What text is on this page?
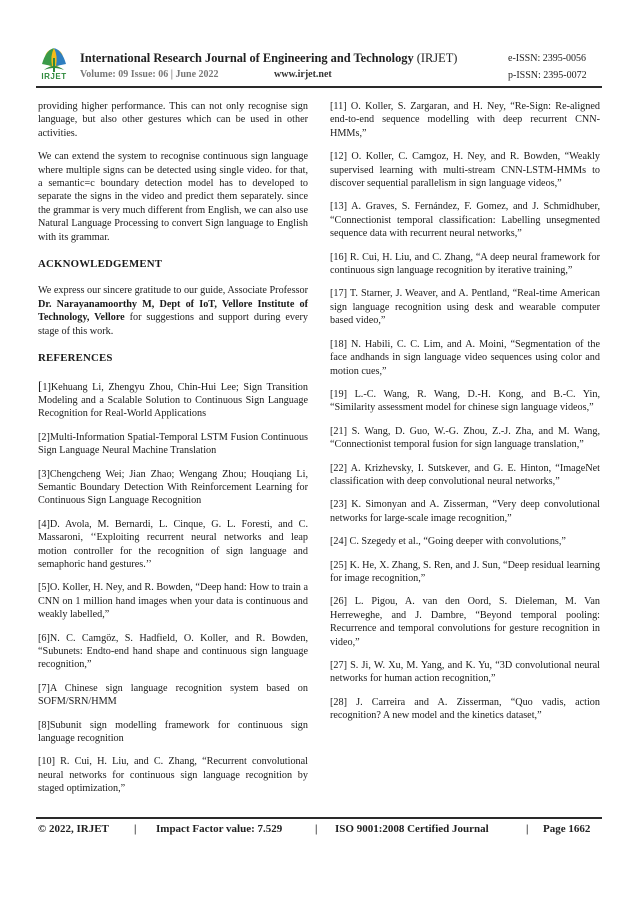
IRJET
International Research Journal of Engineering and Technology (IRJET)
Volume: 09 Issue: 06 | June 2022	www.irjet.net
e-ISSN: 2395-0056
p-ISSN: 2395-0072

providing higher performance. This can not only recognise sign language, but also other gestures which can be used in other activities.

We can extend the system to recognise continuous sign language where multiple signs can be detected using single video. for that, a semantic=c boundary detection model has to developed to separate the signs in the video and predict them separately. since the grammar is very much different from English, we can also use Natural Language Processing to convert Sign language to English with its grammar.

ACKNOWLEDGEMENT

We express our sincere gratitude to our guide, Associate Professor Dr. Narayanamoorthy M, Dept of IoT, Vellore Institute of Technology, Vellore for suggestions and support during every stage of this work.

REFERENCES

[1]Kehuang Li, Zhengyu Zhou, Chin-Hui Lee; Sign Transition Modeling and a Scalable Solution to Continuous Sign Language Recognition for Real-World Applications

[2]Multi-Information Spatial-Temporal LSTM Fusion Continuous Sign Language Neural Machine Translation

[3]Chengcheng Wei; Jian Zhao; Wengang Zhou; Houqiang Li, Semantic Boundary Detection With Reinforcement Learning for Continuous Sign Language Recognition

[4]D. Avola, M. Bernardi, L. Cinque, G. L. Foresti, and C. Massaroni, ‘‘Exploiting recurrent neural networks and leap motion controller for the recognition of sign language and semaphoric hand gestures.’’

[5]O. Koller, H. Ney, and R. Bowden, “Deep hand: How to train a CNN on 1 million hand images when your data is continuous and weakly labelled,”

[6]N. C. Camgöz, S. Hadfield, O. Koller, and R. Bowden, “Subunets: Endto-end hand shape and continuous sign language recognition,”

[7]A Chinese sign language recognition system based on SOFM/SRN/HMM

[8]Subunit sign modelling framework for continuous sign language recognition

[10] R. Cui, H. Liu, and C. Zhang, “Recurrent convolutional neural networks for continuous sign language recognition by staged optimization,”

[11] O. Koller, S. Zargaran, and H. Ney, “Re-Sign: Re-aligned end-to-end sequence modelling with deep recurrent CNN-HMMs,”

[12] O. Koller, C. Camgoz, H. Ney, and R. Bowden, “Weakly supervised learning with multi-stream CNN-LSTM-HMMs to discover sequential parallelism in sign language videos,”

[13] A. Graves, S. Fernández, F. Gomez, and J. Schmidhuber, “Connectionist temporal classification: Labelling unsegmented sequence data with recurrent neural networks,”

[16] R. Cui, H. Liu, and C. Zhang, “A deep neural framework for continuous sign language recognition by iterative training,”

[17] T. Starner, J. Weaver, and A. Pentland, “Real-time American sign language recognition using desk and wearable computer based video,”

[18] N. Habili, C. C. Lim, and A. Moini, “Segmentation of the face andhands in sign language video sequences using color and motion cues,”

[19] L.-C. Wang, R. Wang, D.-H. Kong, and B.-C. Yin, “Similarity assessment model for chinese sign language videos,”

[21] S. Wang, D. Guo, W.-G. Zhou, Z.-J. Zha, and M. Wang, “Connectionist temporal fusion for sign language translation,”

[22] A. Krizhevsky, I. Sutskever, and G. E. Hinton, “ImageNet classification with deep convolutional neural networks,”

[23] K. Simonyan and A. Zisserman, “Very deep convolutional networks for large-scale image recognition,”

[24] C. Szegedy et al., “Going deeper with convolutions,”

[25] K. He, X. Zhang, S. Ren, and J. Sun, “Deep residual learning for image recognition,”

[26] L. Pigou, A. van den Oord, S. Dieleman, M. Van Herreweghe, and J. Dambre, “Beyond temporal pooling: Recurrence and temporal convolutions for gesture recognition in video,”

[27] S. Ji, W. Xu, M. Yang, and K. Yu, “3D convolutional neural networks for human action recognition,”

[28] J. Carreira and A. Zisserman, “Quo vadis, action recognition? A new model and the kinetics dataset,”

© 2022, IRJET | Impact Factor value: 7.529	| ISO 9001:2008 Certified Journal	| Page 1662
